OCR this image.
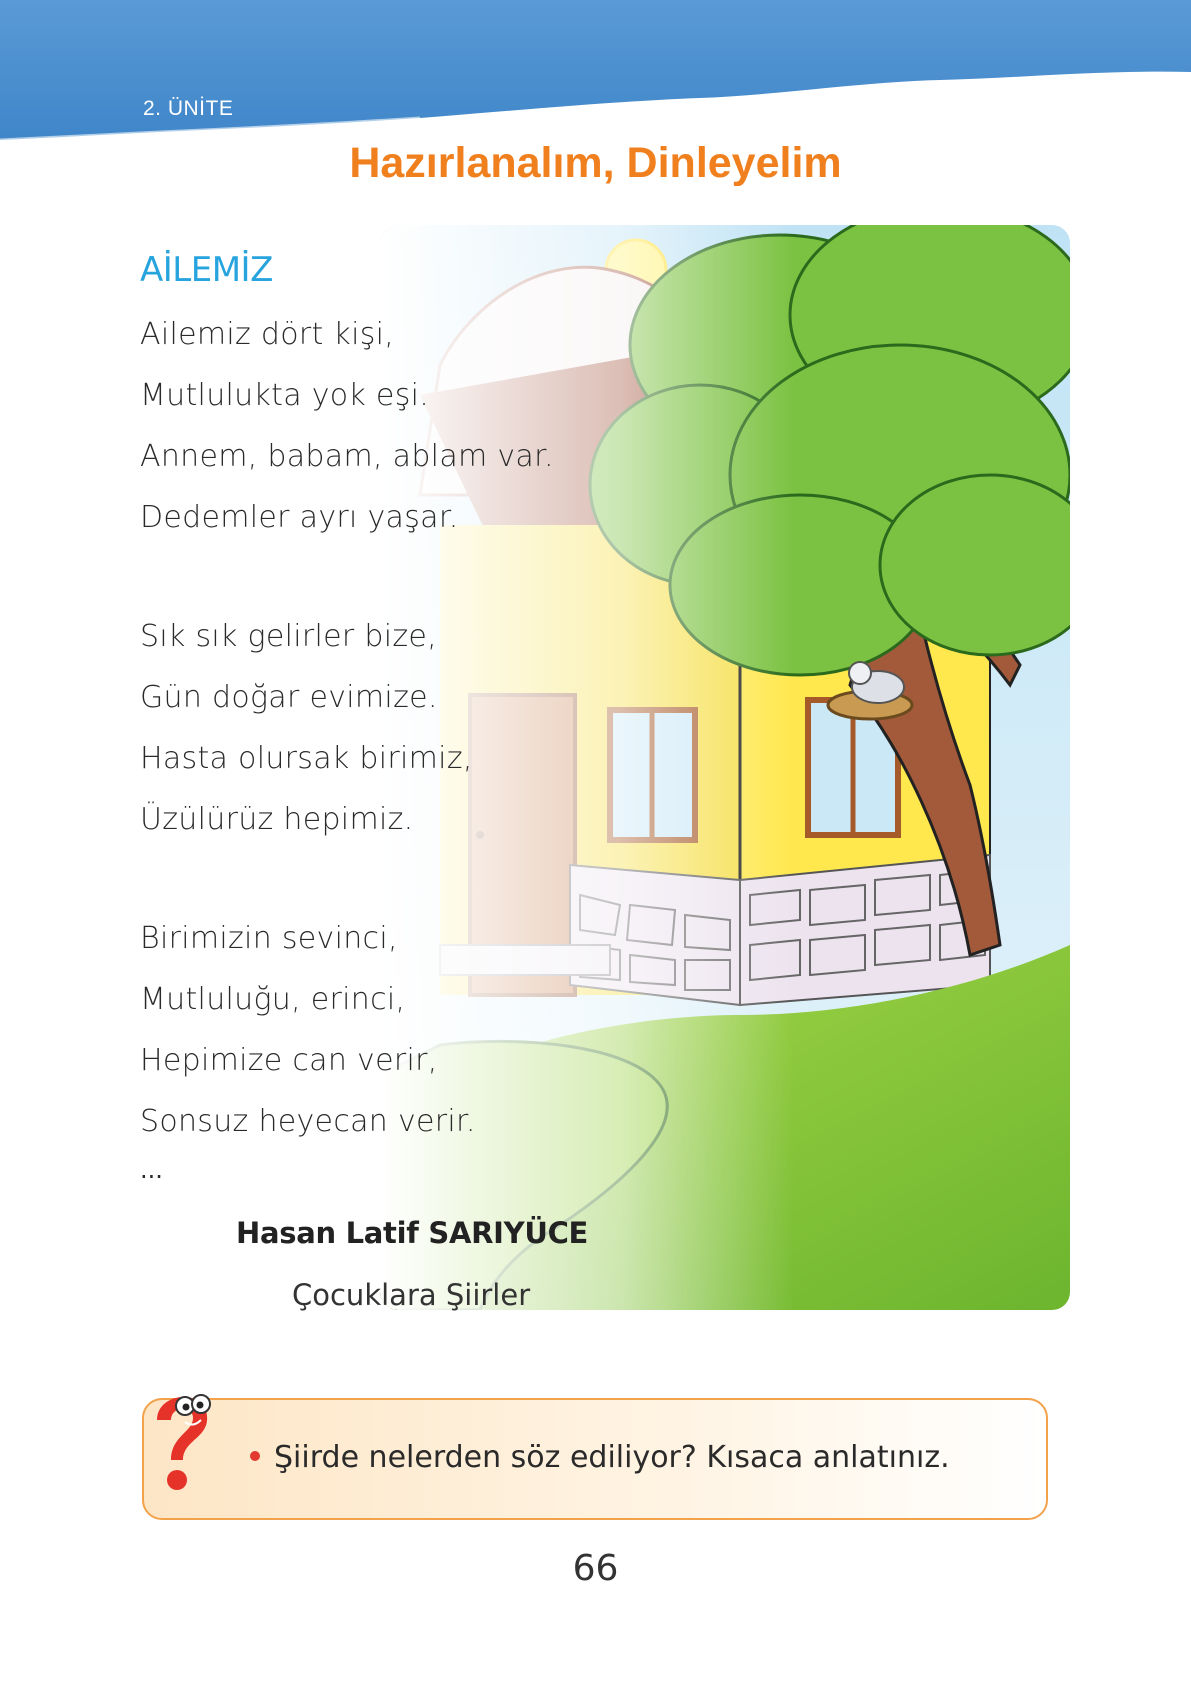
2. ÜNİTE
Hazırlanalım, Dinleyelim
AİLEMİZ
Ailemiz dört kişi,
Mutlulukta yok eşi.
Annem, babam, ablam var.
Dedemler ayrı yaşar.
Sık sık gelirler bize,
Gün doğar evimize.
Hasta olursak birimiz,
Üzülürüz hepimiz.
Birimizin sevinci,
Mutluluğu, erinci,
Hepimize can verir,
Sonsuz heyecan verir.
...
Hasan Latif SARIYÜCE
Çocuklara Şiirler
Şiirde nelerden söz ediliyor? Kısaca anlatınız.
66
